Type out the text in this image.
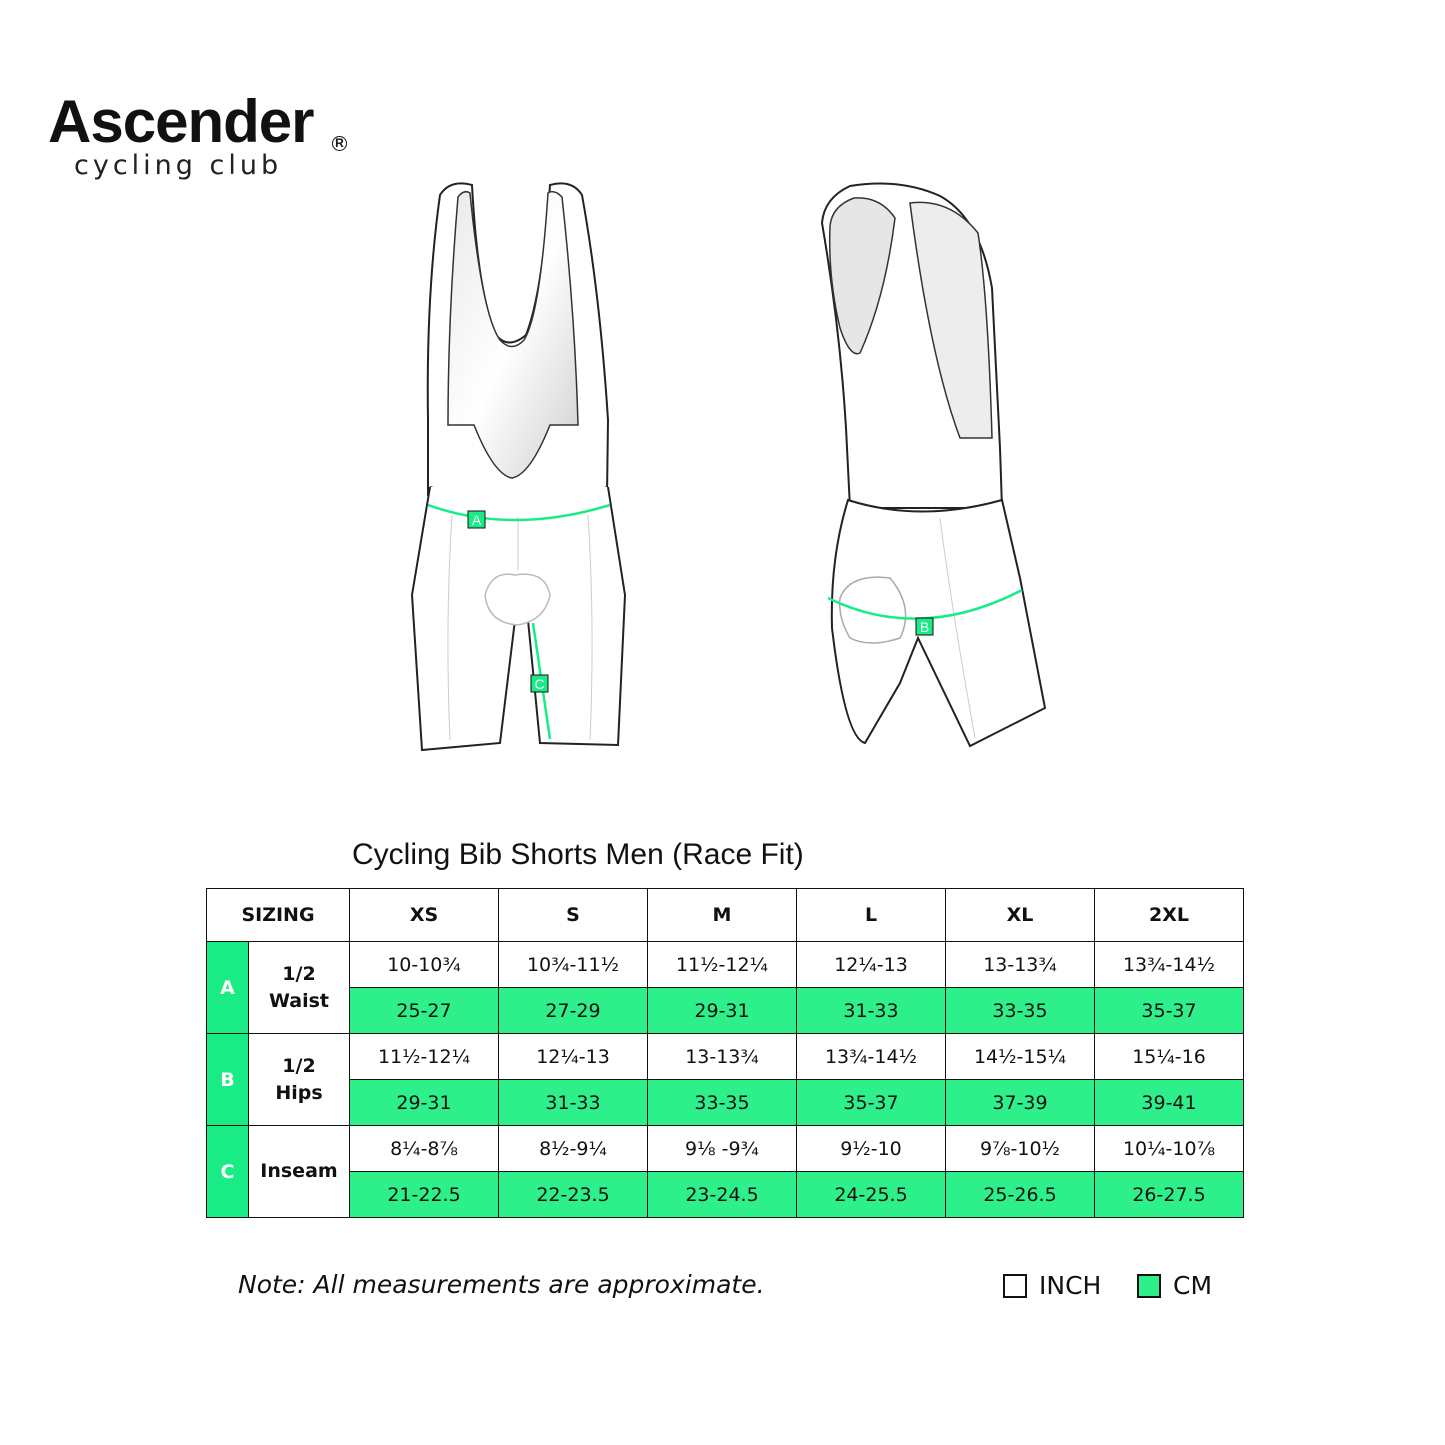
Ascender R
cycling club
A
C
B
Cycling Bib Shorts Men (Race Fit)
SIZING		XS	S	M	L	XL	2XL
A	1/2
Waist	10-10¾	10¾-11½	11½-12¼	12¼-13	13-13¾	13¾-14½
		25-27	27-29	29-31	31-33	33-35	35-37
B	1/2
Hips	11½-12¼	12¼-13	13-13¾	13¾-14½	14½-15¼	15¼-16
		29-31	31-33	33-35	35-37	37-39	39-41
C	Inseam	8¼-8⅞	8½-9¼	9⅛ -9¾	9½-10	9⅞-10½	10¼-10⅞
		21-22.5	22-23.5	23-24.5	24-25.5	25-26.5	26-27.5
Note: All measurements are approximate.	INCH	CM
